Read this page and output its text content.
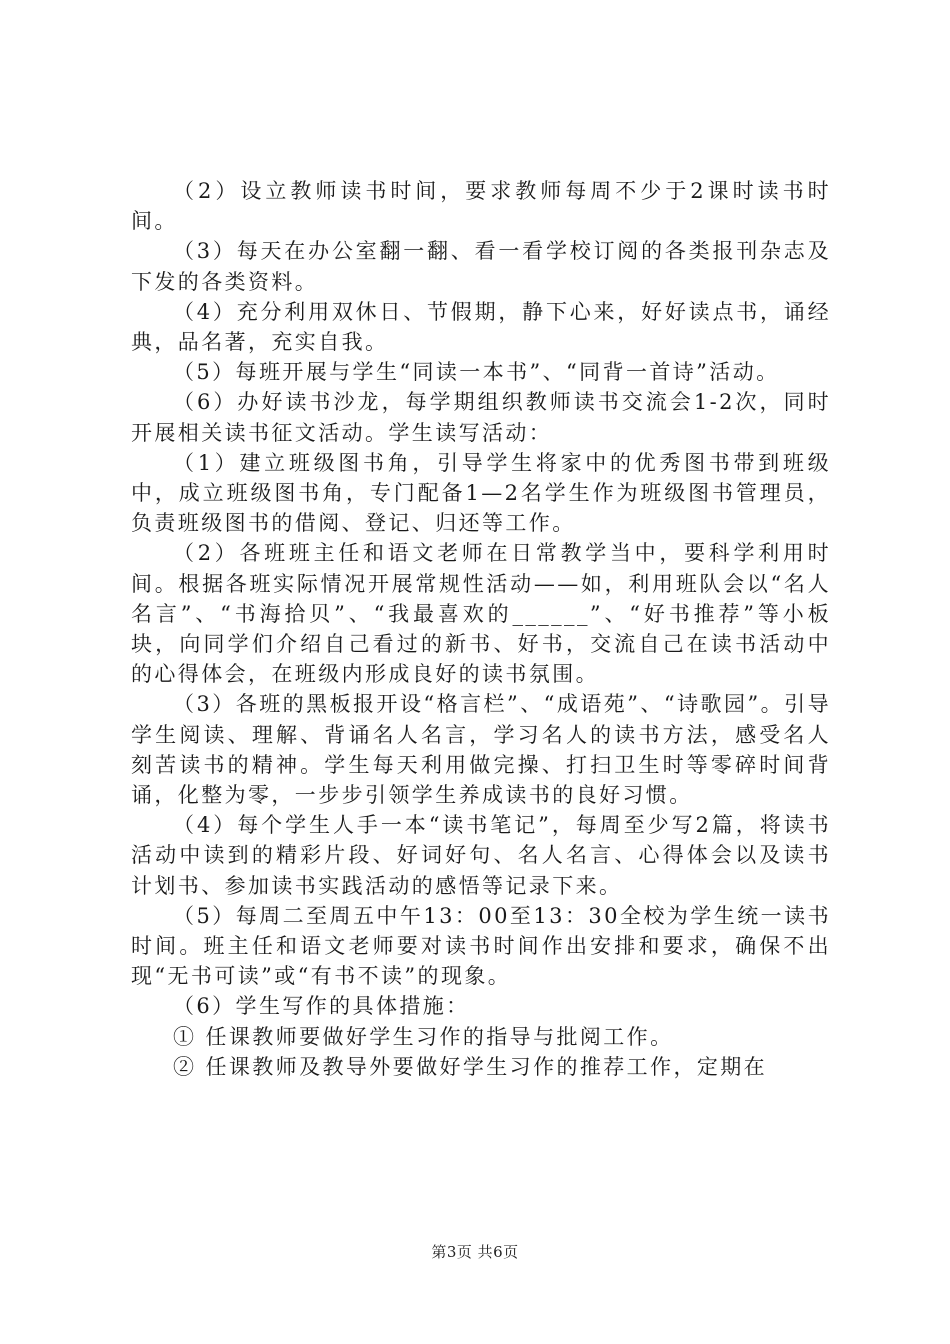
（2）设立教师读书时间，要求教师每周不少于2课时读书时间。

（3）每天在办公室翻一翻、看一看学校订阅的各类报刊杂志及下发的各类资料。

（4）充分利用双休日、节假期，静下心来，好好读点书，诵经典，品名著，充实自我。

（5）每班开展与学生“同读一本书”、“同背一首诗”活动。

（6）办好读书沙龙，每学期组织教师读书交流会1-2次，同时开展相关读书征文活动。学生读写活动：

（1）建立班级图书角，引导学生将家中的优秀图书带到班级中，成立班级图书角，专门配备1—2名学生作为班级图书管理员，负责班级图书的借阅、登记、归还等工作。

（2）各班班主任和语文老师在日常教学当中，要科学利用时间。根据各班实际情况开展常规性活动——如，利用班队会以“名人名言”、“书海拾贝”、“我最喜欢的______”、“好书推荐”等小板块，向同学们介绍自己看过的新书、好书，交流自己在读书活动中的心得体会，在班级内形成良好的读书氛围。

（3）各班的黑板报开设“格言栏”、“成语苑”、“诗歌园”。引导学生阅读、理解、背诵名人名言，学习名人的读书方法，感受名人刻苦读书的精神。学生每天利用做完操、打扫卫生时等零碎时间背诵，化整为零，一步步引领学生养成读书的良好习惯。

（4）每个学生人手一本“读书笔记”，每周至少写2篇，将读书活动中读到的精彩片段、好词好句、名人名言、心得体会以及读书计划书、参加读书实践活动的感悟等记录下来。

（5）每周二至周五中午13：00至13：30全校为学生统一读书时间。班主任和语文老师要对读书时间作出安排和要求，确保不出现“无书可读”或“有书不读”的现象。

（6）学生写作的具体措施：

① 任课教师要做好学生习作的指导与批阅工作。

② 任课教师及教导外要做好学生习作的推荐工作，定期在

第3页 共6页
